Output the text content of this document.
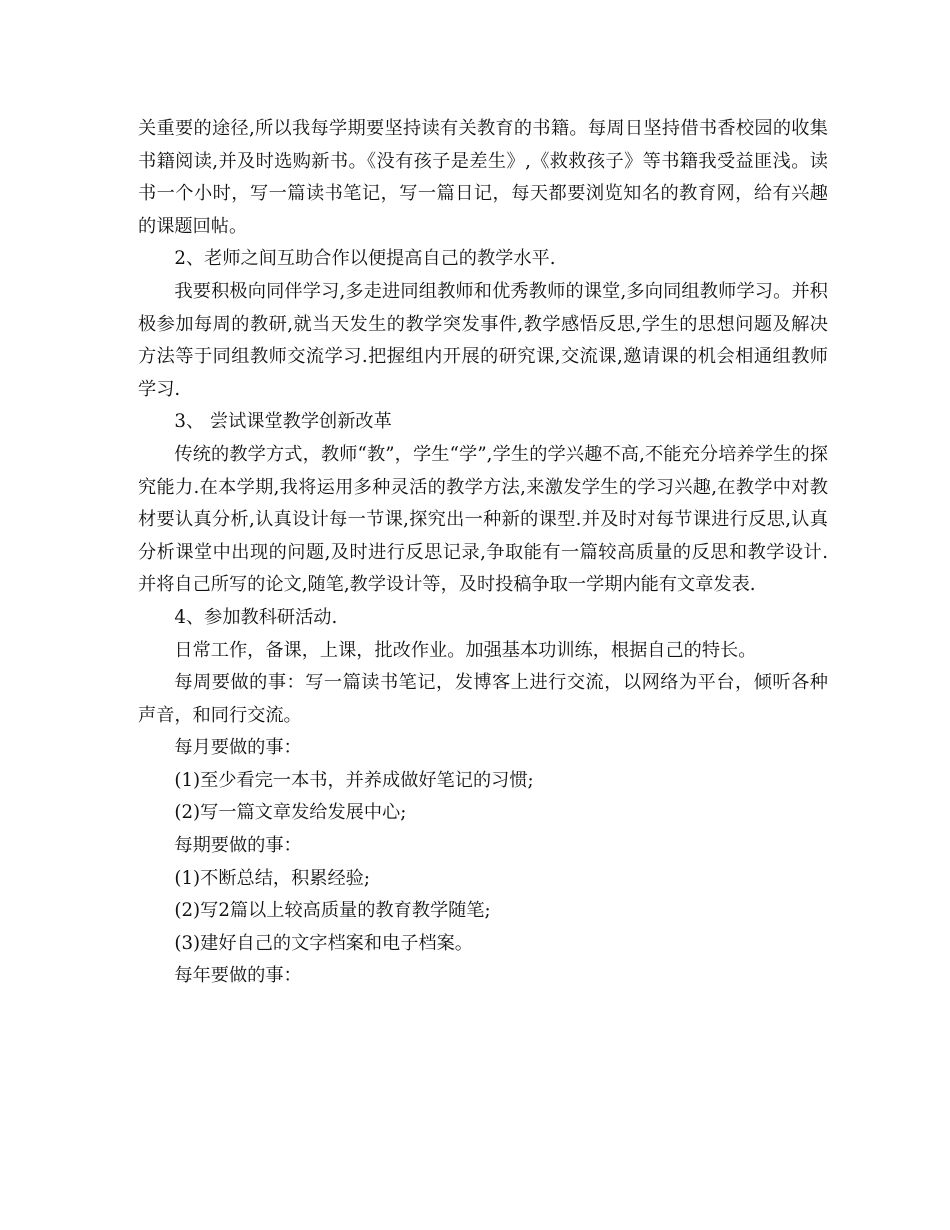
关重要的途径,所以我每学期要坚持读有关教育的书籍。每周日坚持借书香校园的收集书籍阅读,并及时选购新书。《没有孩子是差生》,《救救孩子》等书籍我受益匪浅。读书一个小时，写一篇读书笔记，写一篇日记，每天都要浏览知名的教育网，给有兴趣的课题回帖。

2、老师之间互助合作以便提高自己的教学水平.

我要积极向同伴学习,多走进同组教师和优秀教师的课堂,多向同组教师学习。并积极参加每周的教研,就当天发生的教学突发事件,教学感悟反思,学生的思想问题及解决方法等于同组教师交流学习.把握组内开展的研究课,交流课,邀请课的机会相通组教师学习.

3、 尝试课堂教学创新改革

传统的教学方式，教师“教”，学生“学”,学生的学兴趣不高,不能充分培养学生的探究能力.在本学期,我将运用多种灵活的教学方法,来激发学生的学习兴趣,在教学中对教材要认真分析,认真设计每一节课,探究出一种新的课型.并及时对每节课进行反思,认真分析课堂中出现的问题,及时进行反思记录,争取能有一篇较高质量的反思和教学设计.并将自己所写的论文,随笔,教学设计等，及时投稿争取一学期内能有文章发表.

4、参加教科研活动.

日常工作，备课，上课，批改作业。加强基本功训练，根据自己的特长。

每周要做的事：写一篇读书笔记，发博客上进行交流，以网络为平台，倾听各种声音，和同行交流。

每月要做的事：

(1)至少看完一本书，并养成做好笔记的习惯;

(2)写一篇文章发给发展中心;

每期要做的事：

(1)不断总结，积累经验;

(2)写2篇以上较高质量的教育教学随笔;

(3)建好自己的文字档案和电子档案。

每年要做的事：
